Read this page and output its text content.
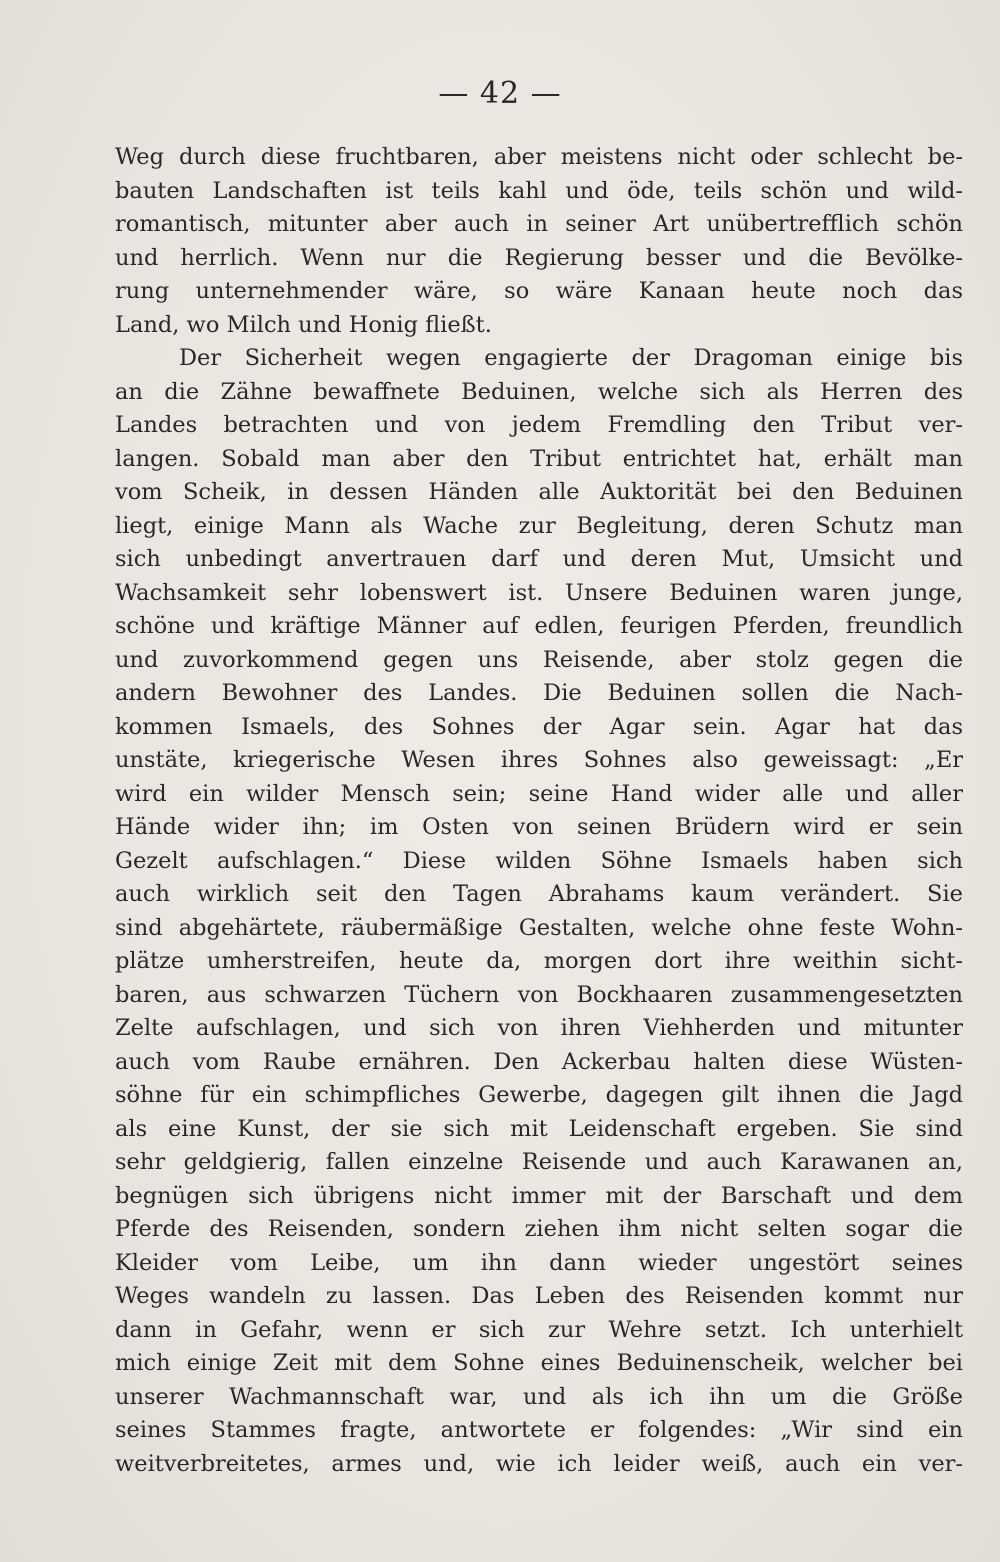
— 42 —
Weg durch diese fruchtbaren, aber meistens nicht oder schlecht be-
bauten Landschaften ist teils kahl und öde, teils schön und wild-
romantisch, mitunter aber auch in seiner Art unübertrefflich schön
und herrlich. Wenn nur die Regierung besser und die Bevölke-
rung unternehmender wäre, so wäre Kanaan heute noch das
Land, wo Milch und Honig fließt.
Der Sicherheit wegen engagierte der Dragoman einige bis
an die Zähne bewaffnete Beduinen, welche sich als Herren des
Landes betrachten und von jedem Fremdling den Tribut ver-
langen. Sobald man aber den Tribut entrichtet hat, erhält man
vom Scheik, in dessen Händen alle Auktorität bei den Beduinen
liegt, einige Mann als Wache zur Begleitung, deren Schutz man
sich unbedingt anvertrauen darf und deren Mut, Umsicht und
Wachsamkeit sehr lobenswert ist. Unsere Beduinen waren junge,
schöne und kräftige Männer auf edlen, feurigen Pferden, freundlich
und zuvorkommend gegen uns Reisende, aber stolz gegen die
andern Bewohner des Landes. Die Beduinen sollen die Nach-
kommen Ismaels, des Sohnes der Agar sein. Agar hat das
unstäte, kriegerische Wesen ihres Sohnes also geweissagt: „Er
wird ein wilder Mensch sein; seine Hand wider alle und aller
Hände wider ihn; im Osten von seinen Brüdern wird er sein
Gezelt aufschlagen.“ Diese wilden Söhne Ismaels haben sich
auch wirklich seit den Tagen Abrahams kaum verändert. Sie
sind abgehärtete, räubermäßige Gestalten, welche ohne feste Wohn-
plätze umherstreifen, heute da, morgen dort ihre weithin sicht-
baren, aus schwarzen Tüchern von Bockhaaren zusammengesetzten
Zelte aufschlagen, und sich von ihren Viehherden und mitunter
auch vom Raube ernähren. Den Ackerbau halten diese Wüsten-
söhne für ein schimpfliches Gewerbe, dagegen gilt ihnen die Jagd
als eine Kunst, der sie sich mit Leidenschaft ergeben. Sie sind
sehr geldgierig, fallen einzelne Reisende und auch Karawanen an,
begnügen sich übrigens nicht immer mit der Barschaft und dem
Pferde des Reisenden, sondern ziehen ihm nicht selten sogar die
Kleider vom Leibe, um ihn dann wieder ungestört seines
Weges wandeln zu lassen. Das Leben des Reisenden kommt nur
dann in Gefahr, wenn er sich zur Wehre setzt. Ich unterhielt
mich einige Zeit mit dem Sohne eines Beduinenscheik, welcher bei
unserer Wachmannschaft war, und als ich ihn um die Größe
seines Stammes fragte, antwortete er folgendes: „Wir sind ein
weitverbreitetes, armes und, wie ich leider weiß, auch ein ver-
